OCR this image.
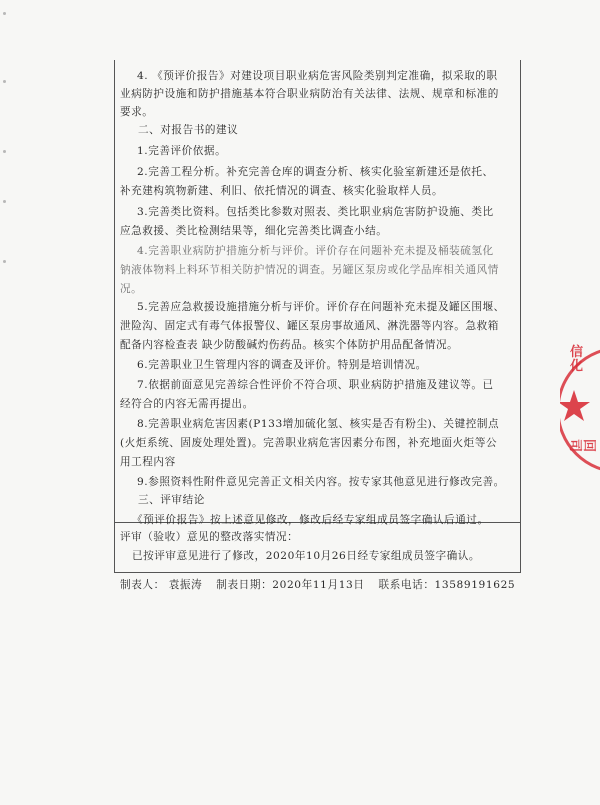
4. 《预评价报告》对建设项目职业病危害风险类别判定准确，拟采取的职
业病防护设施和防护措施基本符合职业病防治有关法律、法规、规章和标准的
要求。
二、对报告书的建议
1.完善评价依据。
2.完善工程分析。补充完善仓库的调查分析、核实化验室新建还是依托、
补充建构筑物新建、利旧、依托情况的调查、核实化验取样人员。
3.完善类比资料。包括类比参数对照表、类比职业病危害防护设施、类比
应急救援、类比检测结果等，细化完善类比调查小结。
4.完善职业病防护措施分析与评价。评价存在问题补充未提及桶装硫氢化
钠液体物料上料环节相关防护情况的调查。另罐区泵房或化学品库相关通风情
况。
5.完善应急救援设施措施分析与评价。评价存在问题补充未提及罐区围堰、
泄险沟、固定式有毒气体报警仪、罐区泵房事故通风、淋洗器等内容。急救箱
配备内容检查表 缺少防酸碱灼伤药品。核实个体防护用品配备情况。
6.完善职业卫生管理内容的调查及评价。特别是培训情况。
7.依据前面意见完善综合性评价不符合项、职业病防护措施及建议等。已
经符合的内容无需再提出。
8.完善职业病危害因素(P133增加硫化氢、核实是否有粉尘)、关键控制点
(火炬系统、固废处理处置)。完善职业病危害因素分布图，补充地面火炬等公
用工程内容
9.参照资料性附件意见完善正文相关内容。按专家其他意见进行修改完善。
三、评审结论
《预评价报告》按上述意见修改，修改后经专家组成员签字确认后通过。
评审（验收）意见的整改落实情况：
已按评审意见进行了修改，2020年10月26日经专家组成员签字确认。
制表人： 袁振涛 制表日期：2020年11月13日 联系电话：13589191625
信化
回司
